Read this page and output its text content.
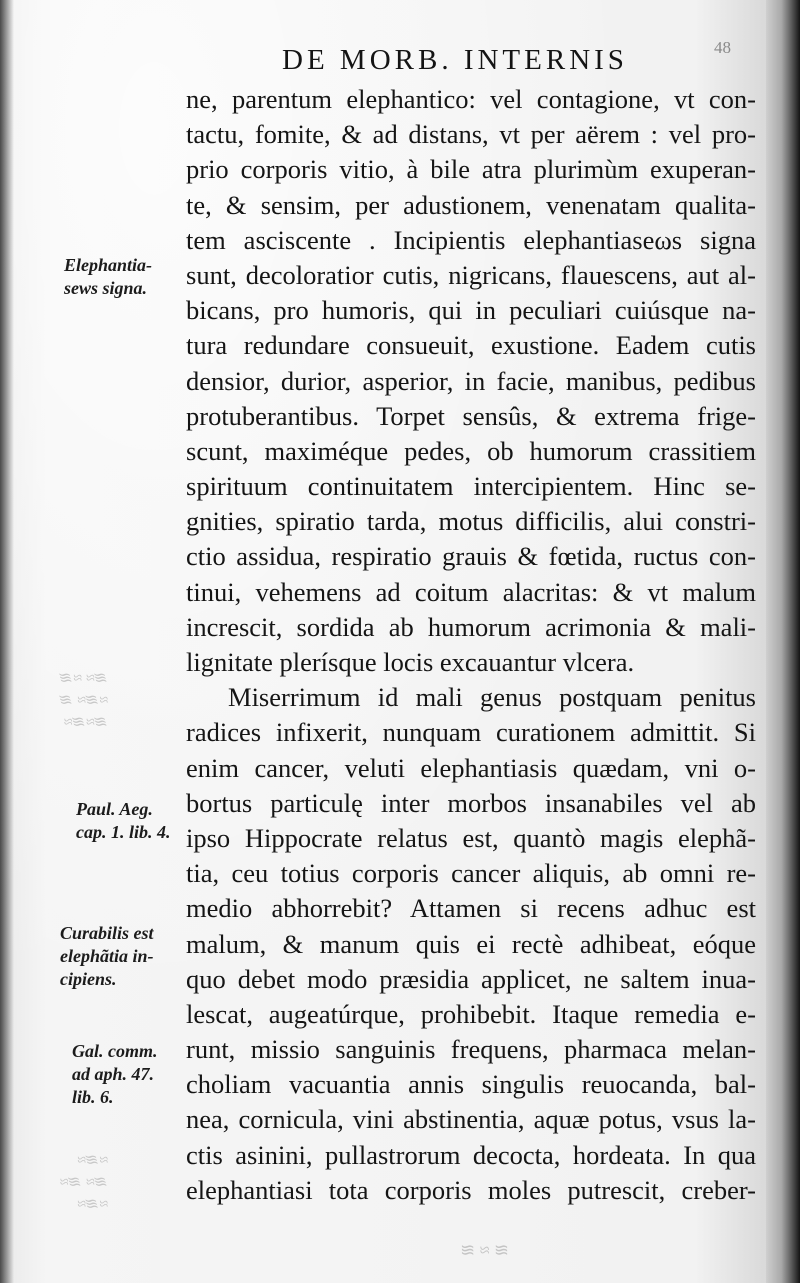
48
DE MORB. INTERNIS
ne, parentum elephantico: vel contagione, vt con-
tactu, fomite, & ad distans, vt per aërem : vel pro-
prio corporis vitio, à bile atra plurimùm exuperan-
te, & sensim, per adustionem, venenatam qualita-
tem asciscente . Incipientis elephantiaseωs signa
sunt, decoloratior cutis, nigricans, flauescens, aut al-
bicans, pro humoris, qui in peculiari cuiúsque na-
tura redundare consueuit, exustione. Eadem cutis
densior, durior, asperior, in facie, manibus, pedibus
protuberantibus. Torpet sensûs, & extrema frige-
scunt, maximéque pedes, ob humorum crassitiem
spirituum continuitatem intercipientem. Hinc se-
gnities, spiratio tarda, motus difficilis, alui constri-
ctio assidua, respiratio grauis & fœtida, ructus con-
tinui, vehemens ad coitum alacritas: & vt malum
increscit, sordida ab humorum acrimonia & mali-
lignitate plerísque locis excauantur vlcera.
Miserrimum id mali genus postquam penitus
radices infixerit, nunquam curationem admittit. Si
enim cancer, veluti elephantiasis quædam, vni o-
bortus particulę inter morbos insanabiles vel ab
ipso Hippocrate relatus est, quantò magis elephã-
tia, ceu totius corporis cancer aliquis, ab omni re-
medio abhorrebit? Attamen si recens adhuc est
malum, & manum quis ei rectè adhibeat, eóque
quo debet modo præsidia applicet, ne saltem inua-
lescat, augeatúrque, prohibebit. Itaque remedia e-
runt, missio sanguinis frequens, pharmaca melan-
choliam vacuantia annis singulis reuocanda, bal-
nea, cornicula, vini abstinentia, aquæ potus, vsus la-
ctis asinini, pullastrorum decocta, hordeata. In qua
elephantiasi tota corporis moles putrescit, creber-
Elephantia-
sews signa.
Paul. Aeg.
cap. 1. lib. 4.
Curabilis est
elephãtia in-
cipiens.
Gal. comm.
ad aph. 47.
lib. 6.
≋≈ ≈≋
≈≋≈ ≋
≋≈≋≈
≈≋≈
≋≈ ≋≈
≈≋≈
≋ ≈ ≋
